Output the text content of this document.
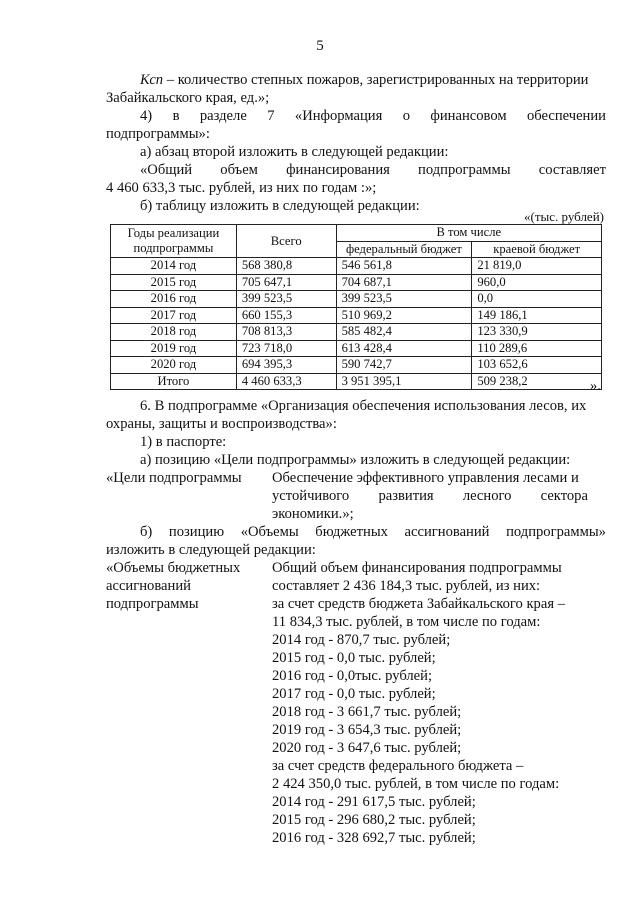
5
Ксп – количество степных пожаров, зарегистрированных на территории
Забайкальского края, ед.»;
4) в разделе 7 «Информация о финансовом обеспечении
подпрограммы»:
а) абзац второй изложить в следующей редакции:
«Общий объем финансирования подпрограммы составляет
4 460 633,3 тыс. рублей, из них по годам :»;
б) таблицу изложить в следующей редакции:
«(тыс. рублей)
Годы реализации подпрограммы	Всего	В том числе	
		федеральный бюджет	краевой бюджет
2014 год	568 380,8	546 561,8	21 819,0
2015 год	705 647,1	704 687,1	960,0
2016 год	399 523,5	399 523,5	0,0
2017 год	660 155,3	510 969,2	149 186,1
2018 год	708 813,3	585 482,4	123 330,9
2019 год	723 718,0	613 428,4	110 289,6
2020 год	694 395,3	590 742,7	103 652,6
Итого	4 460 633,3	3 951 395,1	509 238,2	».
6. В подпрограмме «Организация обеспечения использования лесов, их
охраны, защиты и воспроизводства»:
1) в паспорте:
а) позицию «Цели подпрограммы» изложить в следующей редакции:
«Цели подпрограммы Обеспечение эффективного управления лесами и
устойчивого развития лесного сектора
экономики.»;
б) позицию «Объемы бюджетных ассигнований подпрограммы»
изложить в следующей редакции:
«Объемы бюджетных
ассигнований
подпрограммы
Общий объем финансирования подпрограммы
составляет 2 436 184,3 тыс. рублей, из них:
за счет средств бюджета Забайкальского края –
11 834,3 тыс. рублей, в том числе по годам:
2014 год - 870,7 тыс. рублей;
2015 год - 0,0 тыс. рублей;
2016 год - 0,0тыс. рублей;
2017 год - 0,0 тыс. рублей;
2018 год - 3 661,7 тыс. рублей;
2019 год - 3 654,3 тыс. рублей;
2020 год - 3 647,6 тыс. рублей;
за счет средств федерального бюджета –
2 424 350,0 тыс. рублей, в том числе по годам:
2014 год - 291 617,5 тыс. рублей;
2015 год - 296 680,2 тыс. рублей;
2016 год - 328 692,7 тыс. рублей;
